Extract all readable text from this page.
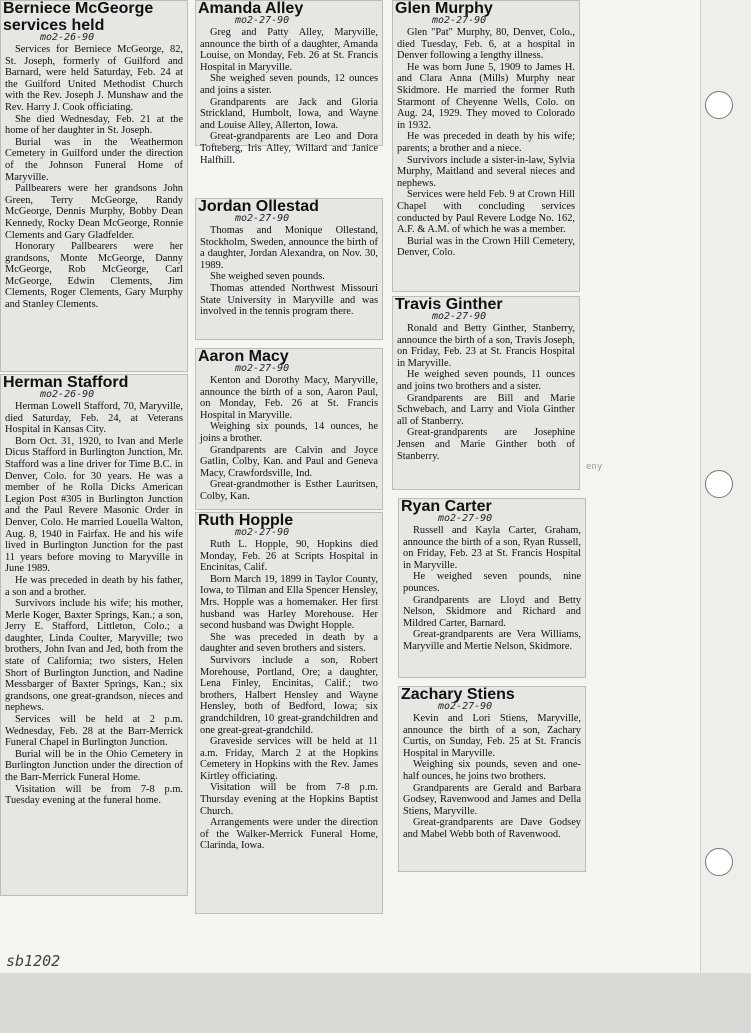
Berniece McGeorge services held
mo2-26-90

Services for Berniece McGeorge, 82, St. Joseph, formerly of Guilford and Barnard, were held Saturday, Feb. 24 at the Guilford United Methodist Church with the Rev. Joseph J. Munshaw and the Rev. Harry J. Cook officiating.

She died Wednesday, Feb. 21 at the home of her daughter in St. Joseph.

Burial was in the Weathermon Cemetery in Guilford under the direction of the Johnson Funeral Home of Maryville.

Pallbearers were her grandsons John Green, Terry McGeorge, Randy McGeorge, Dennis Murphy, Bobby Dean Kennedy, Rocky Dean McGeorge, Ronnie Clements and Gary Gladfelder.

Honorary Pallbearers were her grandsons, Monte McGeorge, Danny McGeorge, Rob McGeorge, Carl McGeorge, Edwin Clements, Jim Clements, Roger Clements, Gary Murphy and Stanley Clements.

Herman Stafford
mo2-26-90

Herman Lowell Stafford, 70, Maryville, died Saturday, Feb. 24, at Veterans Hospital in Kansas City.

Born Oct. 31, 1920, to Ivan and Merle Dicus Stafford in Burlington Junction, Mr. Stafford was a line driver for Time B.C. in Denver, Colo. for 30 years. He was a member of he Rolla Dicks American Legion Post #305 in Burlington Junction and the Paul Revere Masonic Order in Denver, Colo. He married Louella Walton, Aug. 8, 1940 in Fairfax. He and his wife lived in Burlington Junction for the past 11 years before moving to Maryville in June 1989.

He was preceded in death by his father, a son and a brother.

Survivors include his wife; his mother, Merle Koger, Baxter Springs, Kan.; a son, Jerry E. Stafford, Littleton, Colo.; a daughter, Linda Coulter, Maryville; two brothers, John Ivan and Jed, both from the state of California; two sisters, Helen Short of Burlington Junction, and Nadine Messbarger of Baxter Springs, Kan.; six grandsons, one great-grandson, nieces and nephews.

Services will be held at 2 p.m. Wednesday, Feb. 28 at the Barr-Merrick Funeral Chapel in Burlington Junction.

Burial will be in the Ohio Cemetery in Burlington Junction under the direction of the Barr-Merrick Funeral Home.

Visitation will be from 7-8 p.m. Tuesday evening at the funeral home.

Amanda Alley
mo2-27-90

Greg and Patty Alley, Maryville, announce the birth of a daughter, Amanda Louise, on Monday, Feb. 26 at St. Francis Hospital in Maryville.

She weighed seven pounds, 12 ounces and joins a sister.

Grandparents are Jack and Gloria Strickland, Humbolt, Iowa, and Wayne and Louise Alley, Allerton, Iowa.

Great-grandparents are Leo and Dora Tofteberg, Iris Alley, Willard and Janice Halfhill.

Jordan Ollestad
mo2-27-90

Thomas and Monique Ollestand, Stockholm, Sweden, announce the birth of a daughter, Jordan Alexandra, on Nov. 30, 1989.

She weighed seven pounds.

Thomas attended Northwest Missouri State University in Maryville and was involved in the tennis program there.

Aaron Macy
mo2-27-90

Kenton and Dorothy Macy, Maryville, announce the birth of a son, Aaron Paul, on Monday, Feb. 26 at St. Francis Hospital in Maryville.

Weighing six pounds, 14 ounces, he joins a brother.

Grandparents are Calvin and Joyce Gatlin, Colby, Kan. and Paul and Geneva Macy, Crawfordsville, Ind.

Great-grandmother is Esther Lauritsen, Colby, Kan.

Ruth Hopple
mo2-27-90

Ruth L. Hopple, 90, Hopkins died Monday, Feb. 26 at Scripts Hospital in Encinitas, Calif.

Born March 19, 1899 in Taylor County, Iowa, to Tilman and Ella Spencer Hensley, Mrs. Hopple was a homemaker. Her first husband was Harley Morehouse. Her second husband was Dwight Hopple.

She was preceded in death by a daughter and seven brothers and sisters.

Survivors include a son, Robert Morehouse, Portland, Ore; a daughter, Lena Finley, Encinitas, Calif.; two brothers, Halbert Hensley and Wayne Hensley, both of Bedford, Iowa; six grandchildren, 10 great-grandchildren and one great-great-grandchild.

Graveside services will be held at 11 a.m. Friday, March 2 at the Hopkins Cemetery in Hopkins with the Rev. James Kirtley officiating.

Visitation will be from 7-8 p.m. Thursday evening at the Hopkins Baptist Church.

Arrangements were under the direction of the Walker-Merrick Funeral Home, Clarinda, Iowa.

Glen Murphy
mo2-27-90

Glen "Pat" Murphy, 80, Denver, Colo., died Tuesday, Feb. 6, at a hospital in Denver following a lengthy illness.

He was born June 5, 1909 to James H. and Clara Anna (Mills) Murphy near Skidmore. He married the former Ruth Starmont of Cheyenne Wells, Colo. on Aug. 24, 1929. They moved to Colorado in 1932.

He was preceded in death by his wife; parents; a brother and a niece.

Survivors include a sister-in-law, Sylvia Murphy, Maitland and several nieces and nephews.

Services were held Feb. 9 at Crown Hill Chapel with concluding services conducted by Paul Revere Lodge No. 162, A.F. & A.M. of which he was a member.

Burial was in the Crown Hill Cemetery, Denver, Colo.

Travis Ginther
mo2-27-90

Ronald and Betty Ginther, Stanberry, announce the birth of a son, Travis Joseph, on Friday, Feb. 23 at St. Francis Hospital in Maryville.

He weighed seven pounds, 11 ounces and joins two brothers and a sister.

Grandparents are Bill and Marie Schwebach, and Larry and Viola Ginther all of Stanberry.

Great-grandparents are Josephine Jensen and Marie Ginther both of Stanberry.

Ryan Carter
mo2-27-90

Russell and Kayla Carter, Graham, announce the birth of a son, Ryan Russell, on Friday, Feb. 23 at St. Francis Hospital in Maryville.

He weighed seven pounds, nine pounces.

Grandparents are Lloyd and Betty Nelson, Skidmore and Richard and Mildred Carter, Barnard.

Great-grandparents are Vera Williams, Maryville and Mertie Nelson, Skidmore.

Zachary Stiens
mo2-27-90

Kevin and Lori Stiens, Maryville, announce the birth of a son, Zachary Curtis, on Sunday, Feb. 25 at St. Francis Hospital in Maryville.

Weighing six pounds, seven and one-half ounces, he joins two brothers.

Grandparents are Gerald and Barbara Godsey, Ravenwood and James and Della Stiens, Maryville.

Great-grandparents are Dave Godsey and Mabel Webb both of Ravenwood.

eny
sb1202
